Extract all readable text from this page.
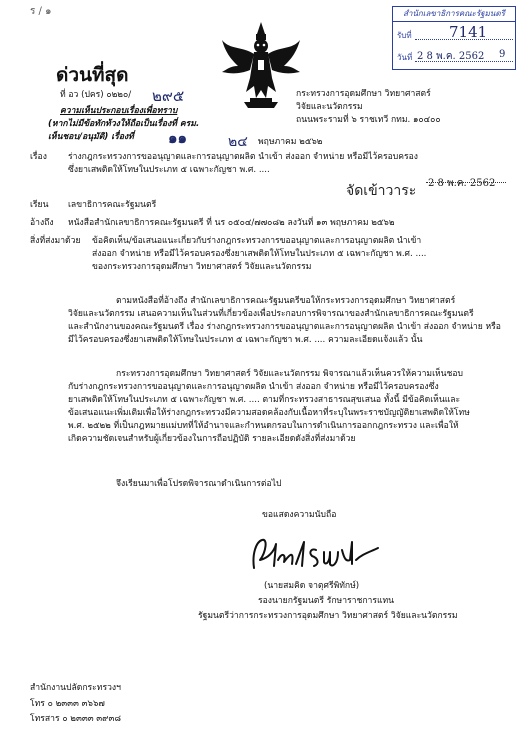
ร / ๑	สำนักเลขาธิการคณะรัฐมนตรี
รับที่	7141
วันที่ 2 8 พ.ค. 2562 9
ด่วนที่สุด
ที่ อว (ปคร) ๐๒๒๐/ ๒๙๕
ความเห็นประกอบเรื่องเพื่อทราบ
(หากไม่มีข้อทักท้วงให้ถือเป็นเรื่องที่ ครม.
เห็นชอบ/อนุมัติ) เรื่องที่ ๑๑
กระทรวงการอุดมศึกษา วิทยาศาสตร์
วิจัยและนวัตกรรม
ถนนพระรามที่ ๖ ราชเทวี กทม. ๑๐๔๐๐
๒๔ พฤษภาคม ๒๕๖๒
เรื่อง ร่างกฎกระทรวงการขออนุญาตและการอนุญาตผลิต นำเข้า ส่งออก จำหน่าย หรือมีไว้ครอบครอง
ซึ่งยาเสพติดให้โทษในประเภท ๕ เฉพาะกัญชา พ.ศ. ....
จัดเข้าวาระ 2 8 พ.ค. 2562
เรียน เลขาธิการคณะรัฐมนตรี
อ้างถึง หนังสือสำนักเลขาธิการคณะรัฐมนตรี ที่ นร ๐๕๐๔/๗๗๐๘๒ ลงวันที่ ๑๓ พฤษภาคม ๒๕๖๒
สิ่งที่ส่งมาด้วย ข้อคิดเห็น/ข้อเสนอแนะเกี่ยวกับร่างกฎกระทรวงการขออนุญาตและการอนุญาตผลิต นำเข้า
ส่งออก จำหน่าย หรือมีไว้ครอบครองซึ่งยาเสพติดให้โทษในประเภท ๕ เฉพาะกัญชา พ.ศ. ....
ของกระทรวงการอุดมศึกษา วิทยาศาสตร์ วิจัยและนวัตกรรม
ตามหนังสือที่อ้างถึง สำนักเลขาธิการคณะรัฐมนตรีขอให้กระทรวงการอุดมศึกษา วิทยาศาสตร์
วิจัยและนวัตกรรม เสนอความเห็นในส่วนที่เกี่ยวข้องเพื่อประกอบการพิจารณาของสำนักเลขาธิการคณะรัฐมนตรี
และสำนักงานของคณะรัฐมนตรี เรื่อง ร่างกฎกระทรวงการขออนุญาตและการอนุญาตผลิต นำเข้า ส่งออก จำหน่าย หรือ
มีไว้ครอบครองซึ่งยาเสพติดให้โทษในประเภท ๕ เฉพาะกัญชา พ.ศ. .... ความละเอียดแจ้งแล้ว นั้น
กระทรวงการอุดมศึกษา วิทยาศาสตร์ วิจัยและนวัตกรรม พิจารณาแล้วเห็นควรให้ความเห็นชอบ
กับร่างกฎกระทรวงการขออนุญาตและการอนุญาตผลิต นำเข้า ส่งออก จำหน่าย หรือมีไว้ครอบครองซึ่ง
ยาเสพติดให้โทษในประเภท ๕ เฉพาะกัญชา พ.ศ. .... ตามที่กระทรวงสาธารณสุขเสนอ ทั้งนี้ มีข้อคิดเห็นและ
ข้อเสนอแนะเพิ่มเติมเพื่อให้ร่างกฎกระทรวงมีความสอดคล้องกับเนื้อหาที่ระบุในพระราชบัญญัติยาเสพติดให้โทษ
พ.ศ. ๒๕๒๒ ที่เป็นกฎหมายแม่บทที่ให้อำนาจและกำหนดกรอบในการดำเนินการออกกฎกระทรวง และเพื่อให้
เกิดความชัดเจนสำหรับผู้เกี่ยวข้องในการถือปฏิบัติ รายละเอียดดังสิ่งที่ส่งมาด้วย
จึงเรียนมาเพื่อโปรดพิจารณาดำเนินการต่อไป
ขอแสดงความนับถือ
(นายสมคิด จาตุศรีพิทักษ์)
รองนายกรัฐมนตรี รักษาราชการแทน
รัฐมนตรีว่าการกระทรวงการอุดมศึกษา วิทยาศาสตร์ วิจัยและนวัตกรรม
สำนักงานปลัดกระทรวงฯ
โทร ๐ ๒๓๓๓ ๓๖๖๗
โทรสาร ๐ ๒๓๓๓ ๓๙๓๘
